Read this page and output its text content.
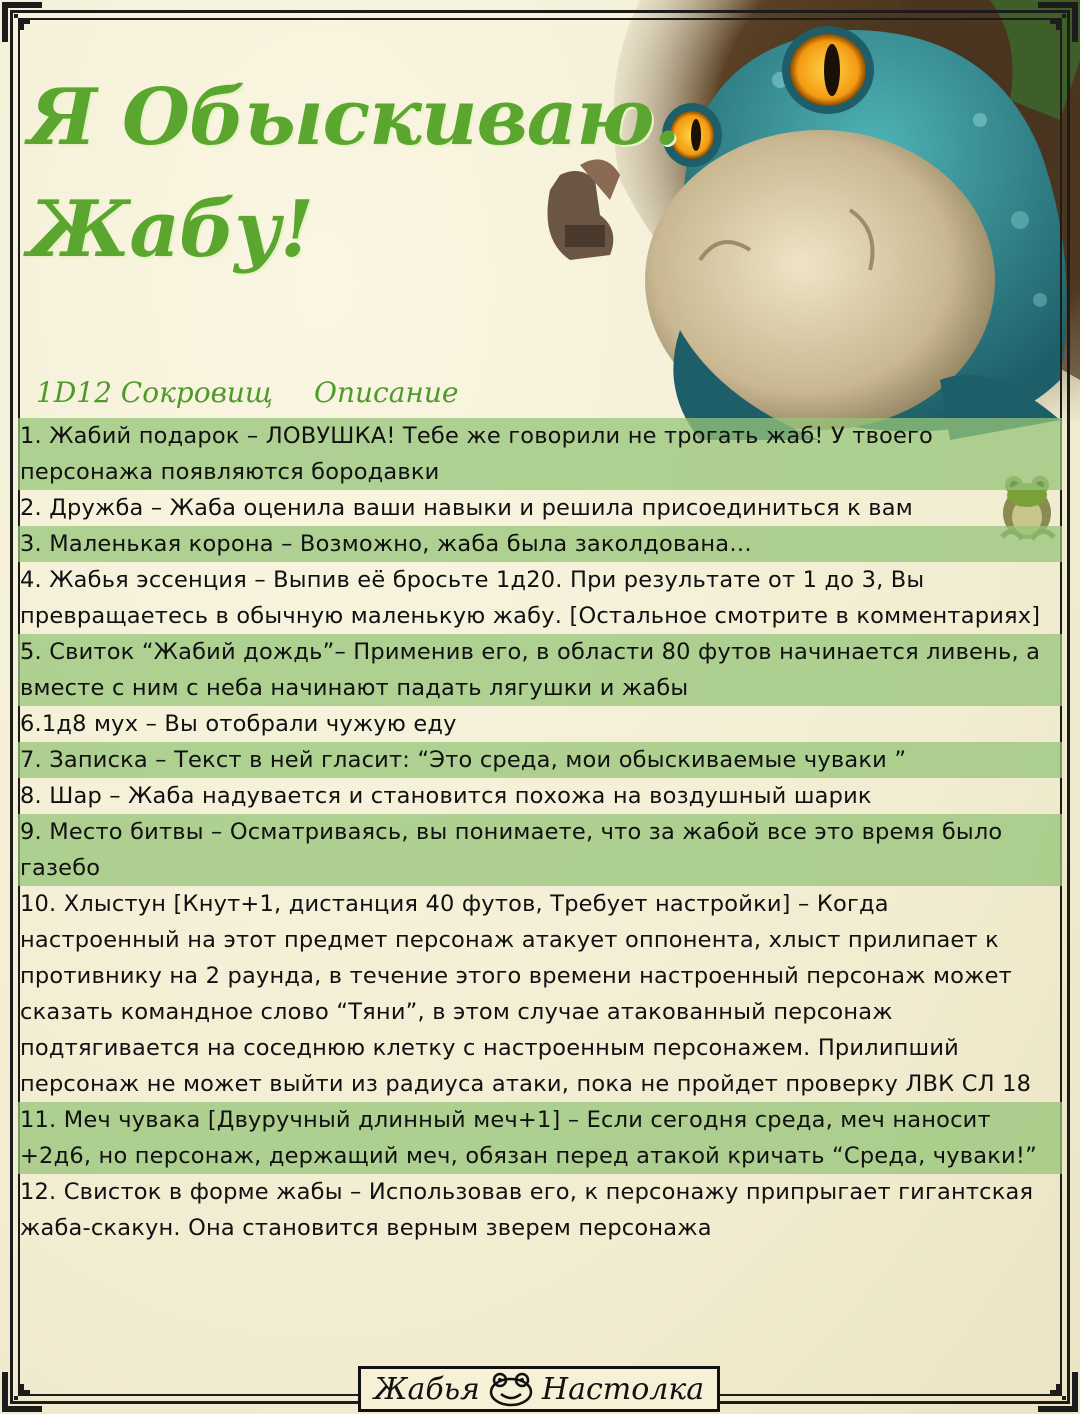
Я Обыскиваю.
Жабу!
1D12 Сокровищ Описание
1. Жабий подарок – ЛОВУШКА! Тебе же говорили не трогать жаб! У твоего персонажа появляются бородавки
2. Дружба – Жаба оценила ваши навыки и решила присоединиться к вам
3. Маленькая корона – Возможно, жаба была заколдована…
4. Жабья эссенция – Выпив её бросьте 1д20. При результате от 1 до 3, Вы превращаетесь в обычную маленькую жабу. [Остальное смотрите в комментариях]
5. Свиток “Жабий дождь”– Применив его, в области 80 футов начинается ливень, а вместе с ним с неба начинают падать лягушки и жабы
6.1д8 мух – Вы отобрали чужую еду
7. Записка – Текст в ней гласит: “Это среда, мои обыскиваемые чуваки ”
8. Шар – Жаба надувается и становится похожа на воздушный шарик
9. Место битвы – Осматриваясь, вы понимаете, что за жабой все это время было газебо
10. Хлыстун [Кнут+1, дистанция 40 футов, Требует настройки] – Когда настроенный на этот предмет персонаж атакует оппонента, хлыст прилипает к противнику на 2 раунда, в течение этого времени настроенный персонаж может сказать командное слово “Тяни”, в этом случае атакованный персонаж подтягивается на соседнюю клетку с настроенным персонажем. Прилипший персонаж не может выйти из радиуса атаки, пока не пройдет проверку ЛВК СЛ 18
11. Меч чувака [Двуручный длинный меч+1] – Если сегодня среда, меч наносит +2д6, но персонаж, держащий меч, обязан перед атакой кричать “Среда, чуваки!”
12. Свисток в форме жабы – Использовав его, к персонажу припрыгает гигантская жаба-скакун. Она становится верным зверем персонажа
Жабья Настолка
